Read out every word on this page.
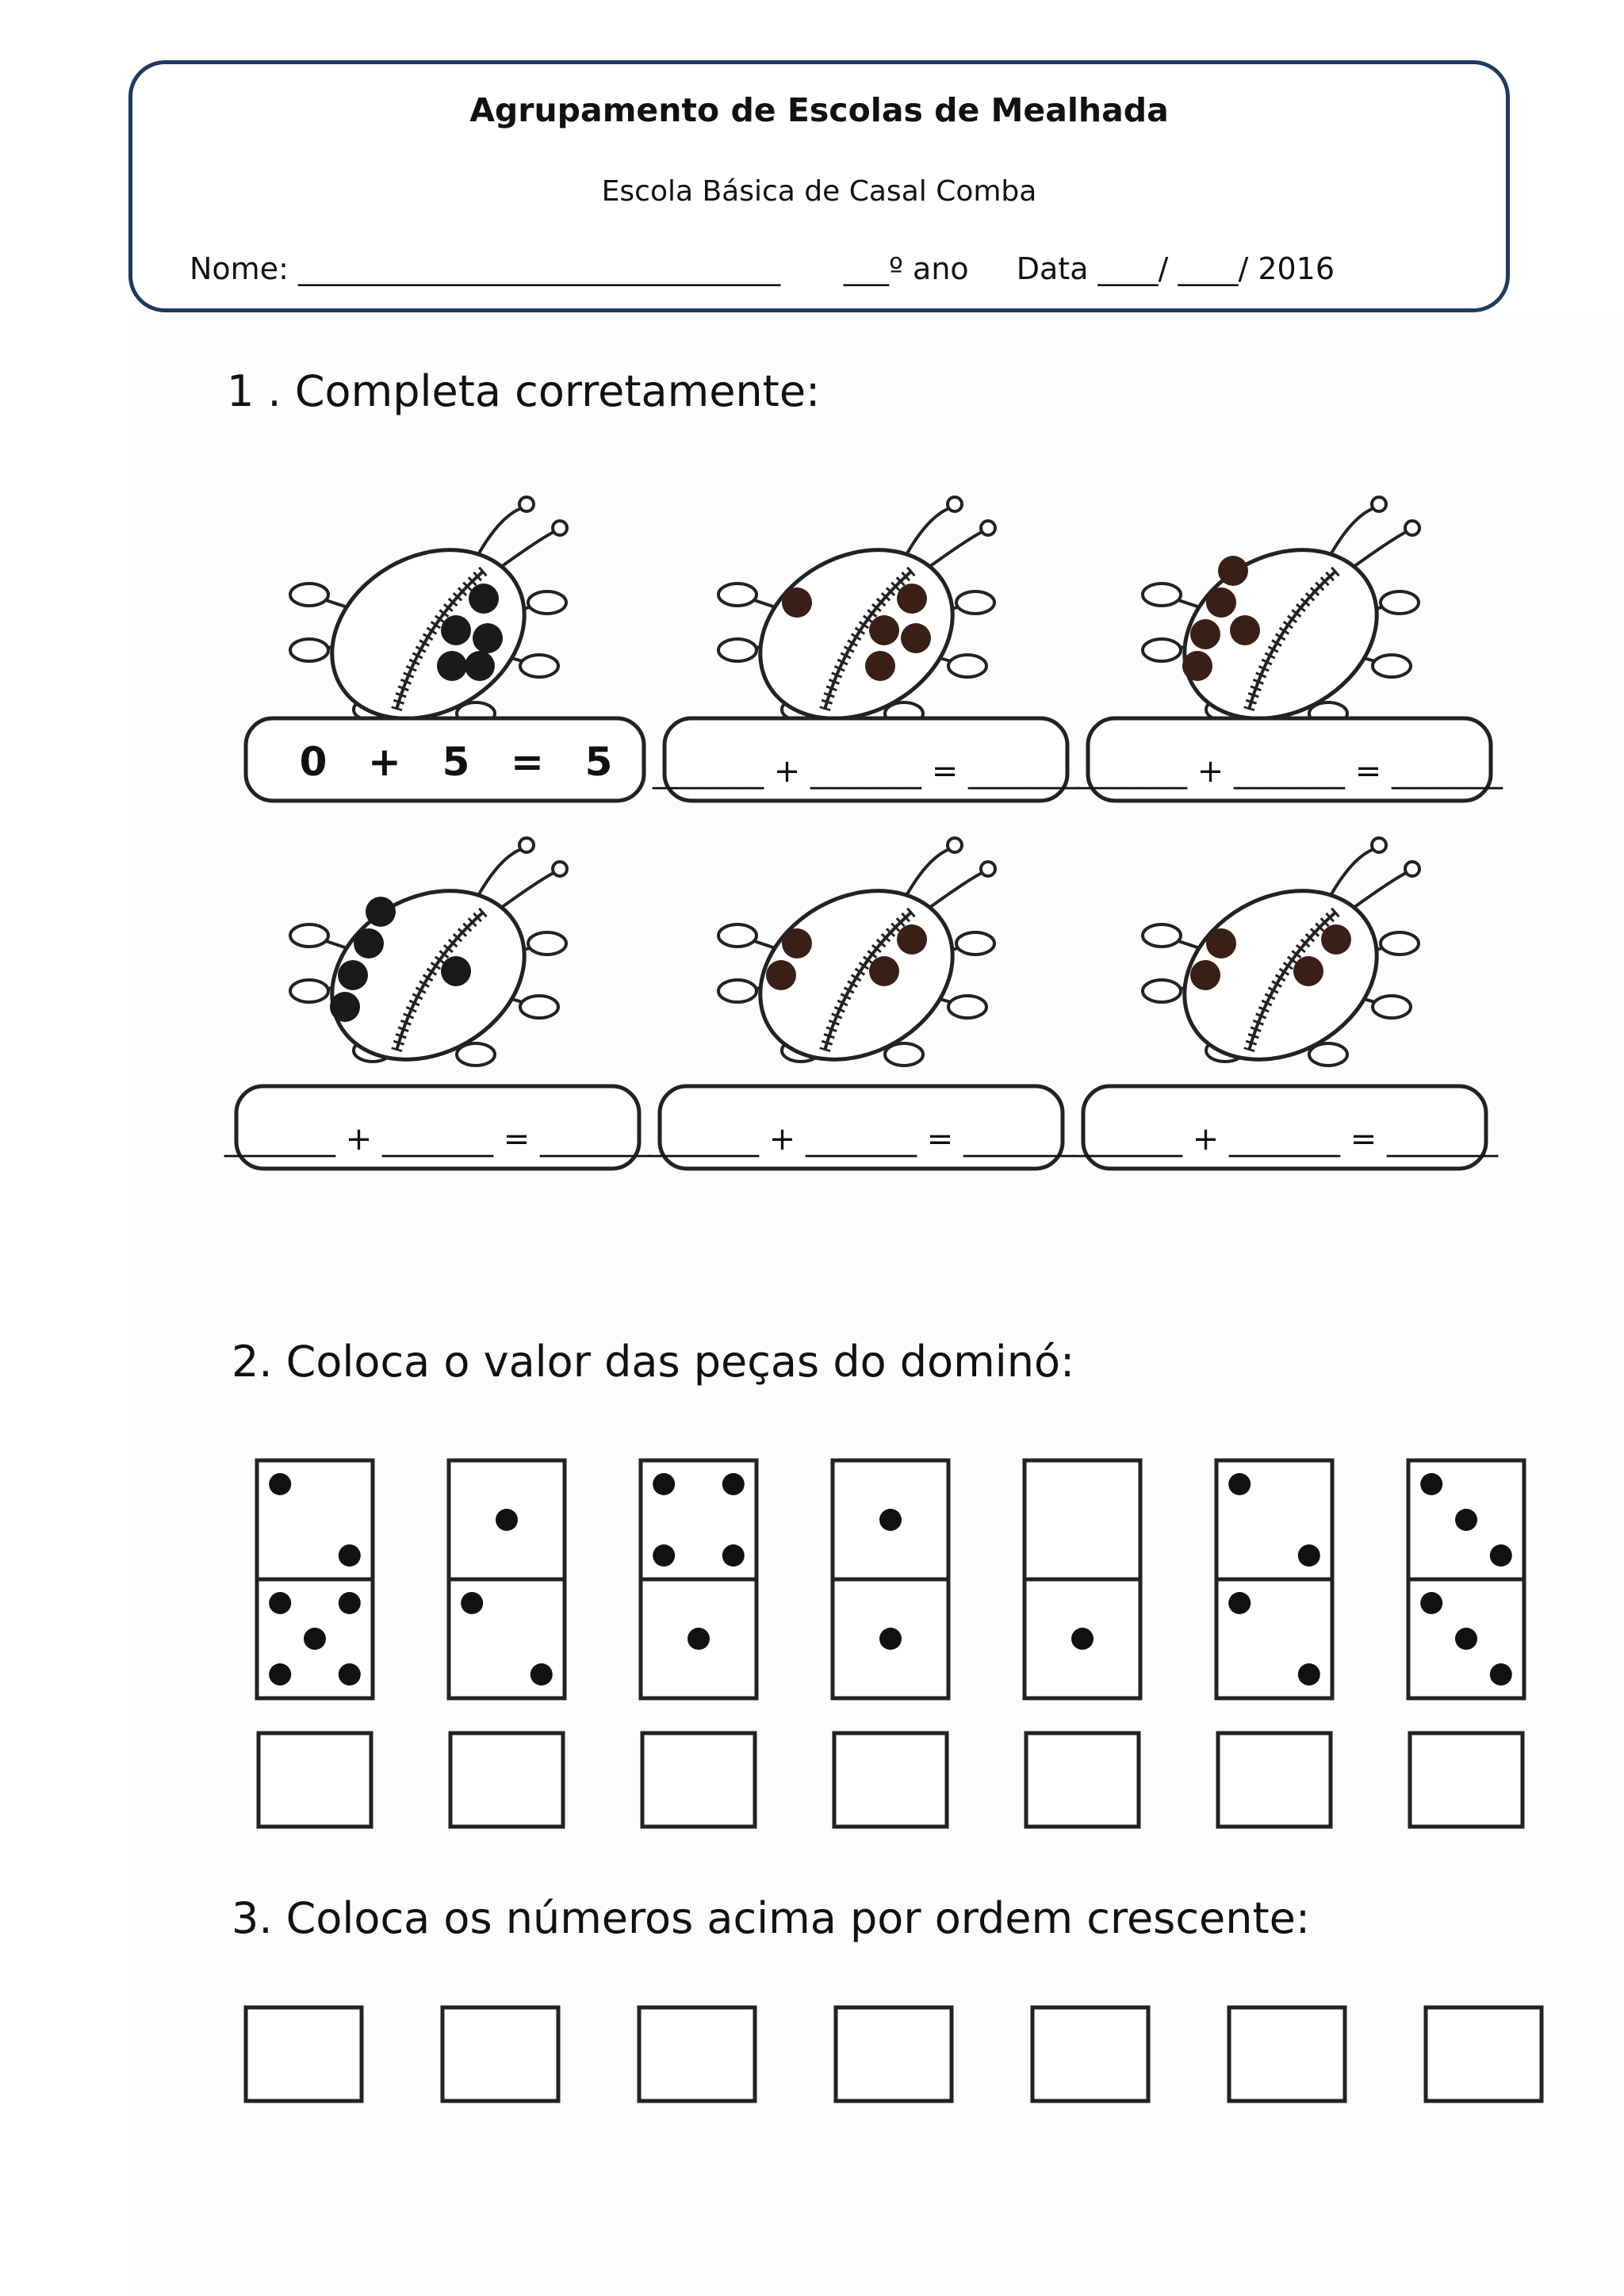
Agrupamento de Escolas de Mealhada
Escola Básica de Casal Comba
Nome: ________________________________ ___º ano Data ____/ ____/ 2016
1 . Completa corretamente:
2. Coloca o valor das peças do dominó:
3. Coloca os números acima por ordem crescente:
0 + 5 = 5 _______ + _______ = _______
_______ + _______ = _______
_______ + _______ = _______
_______ + _______ = _______
_______ + _______ = _______
